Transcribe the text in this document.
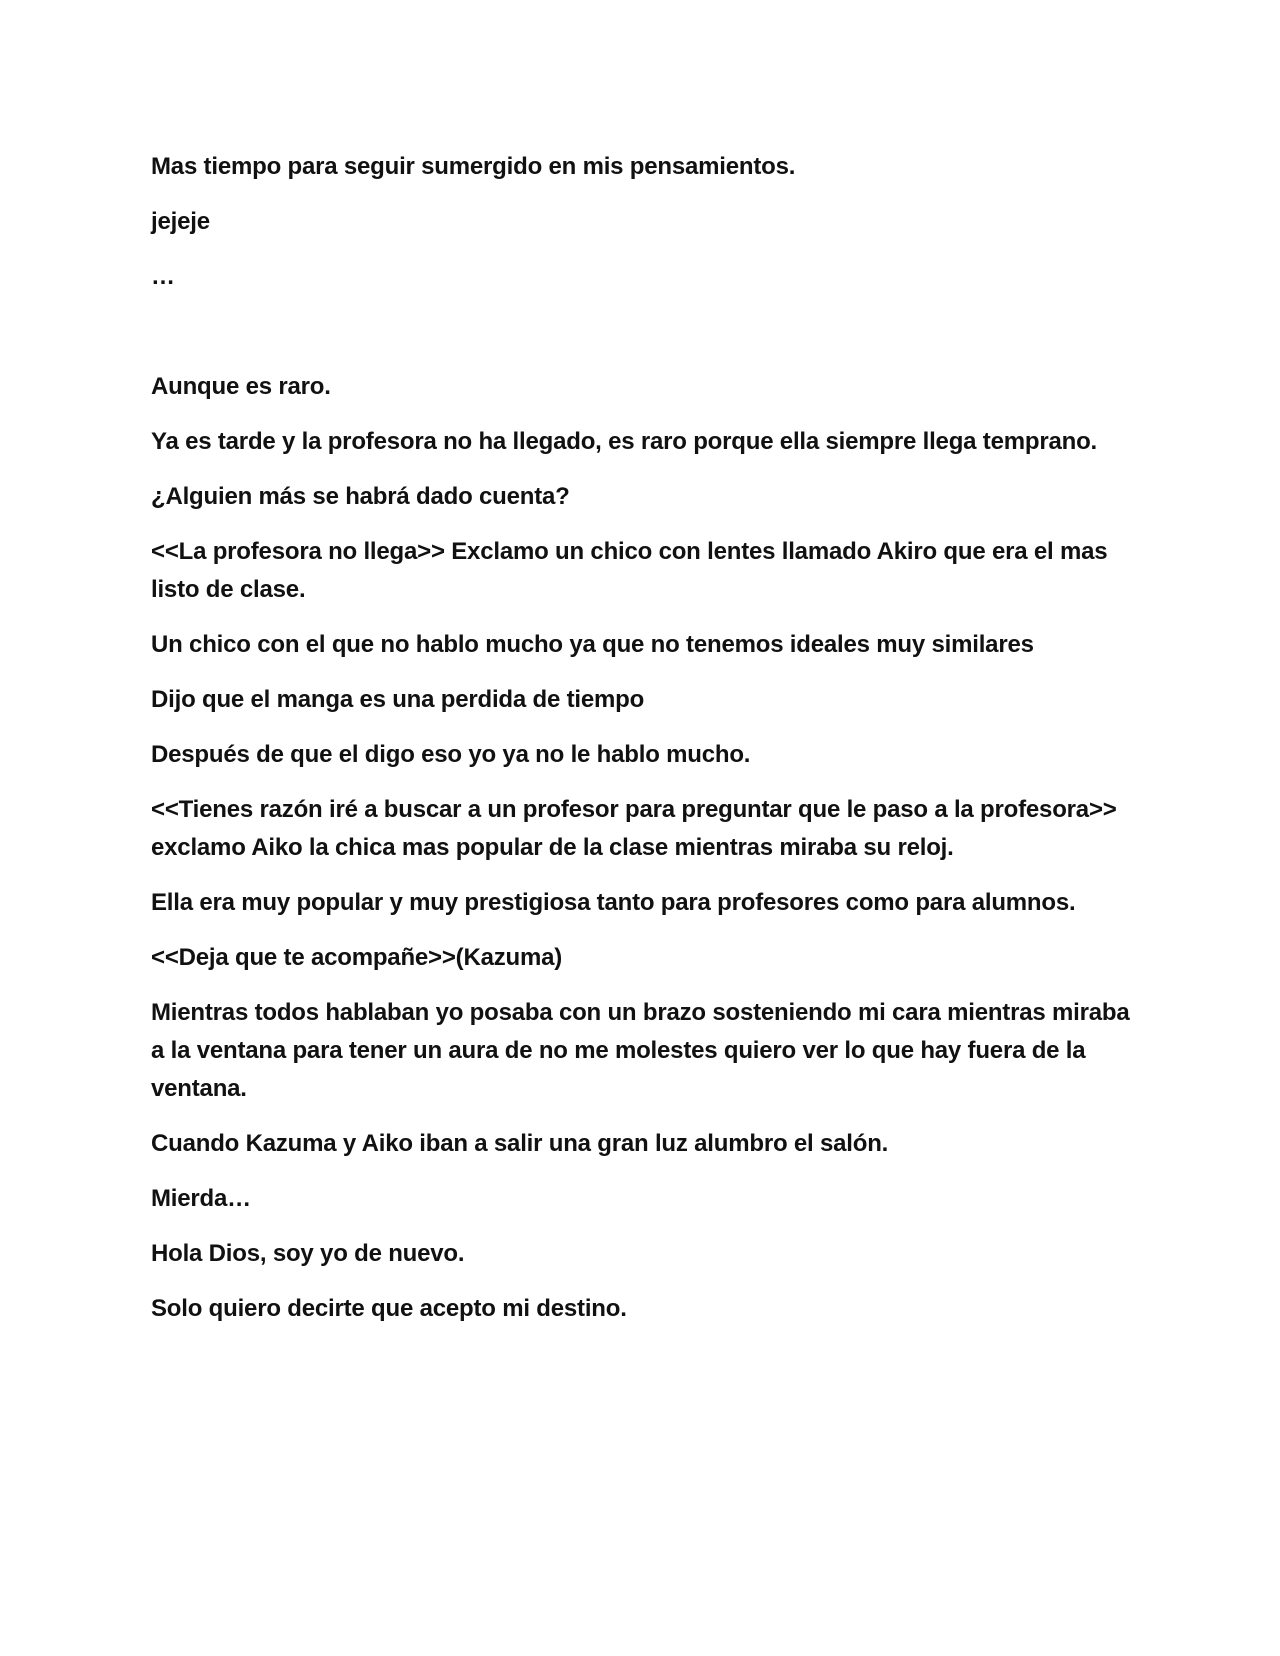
Mas tiempo para seguir sumergido en mis pensamientos.

jejeje

…

Aunque es raro.

Ya es tarde y la profesora no ha llegado, es raro porque ella siempre llega temprano.

¿Alguien más se habrá dado cuenta?

<<La profesora no llega>> Exclamo un chico con lentes llamado Akiro que era el mas listo de clase.

Un chico con el que no hablo mucho ya que no tenemos ideales muy similares

Dijo que el manga es una perdida de tiempo

Después de que el digo eso yo ya no le hablo mucho.

<<Tienes razón iré a buscar a un profesor para preguntar que le paso a la profesora>> exclamo Aiko la chica mas popular de la clase mientras miraba su reloj.

Ella era muy popular y muy prestigiosa tanto para profesores como para alumnos.

<<Deja que te acompañe>>(Kazuma)

Mientras todos hablaban yo posaba con un brazo sosteniendo mi cara mientras miraba a la ventana para tener un aura de no me molestes quiero ver lo que hay fuera de la ventana.

Cuando Kazuma y Aiko iban a salir una gran luz alumbro el salón.

Mierda…

Hola Dios, soy yo de nuevo.

Solo quiero decirte que acepto mi destino.
